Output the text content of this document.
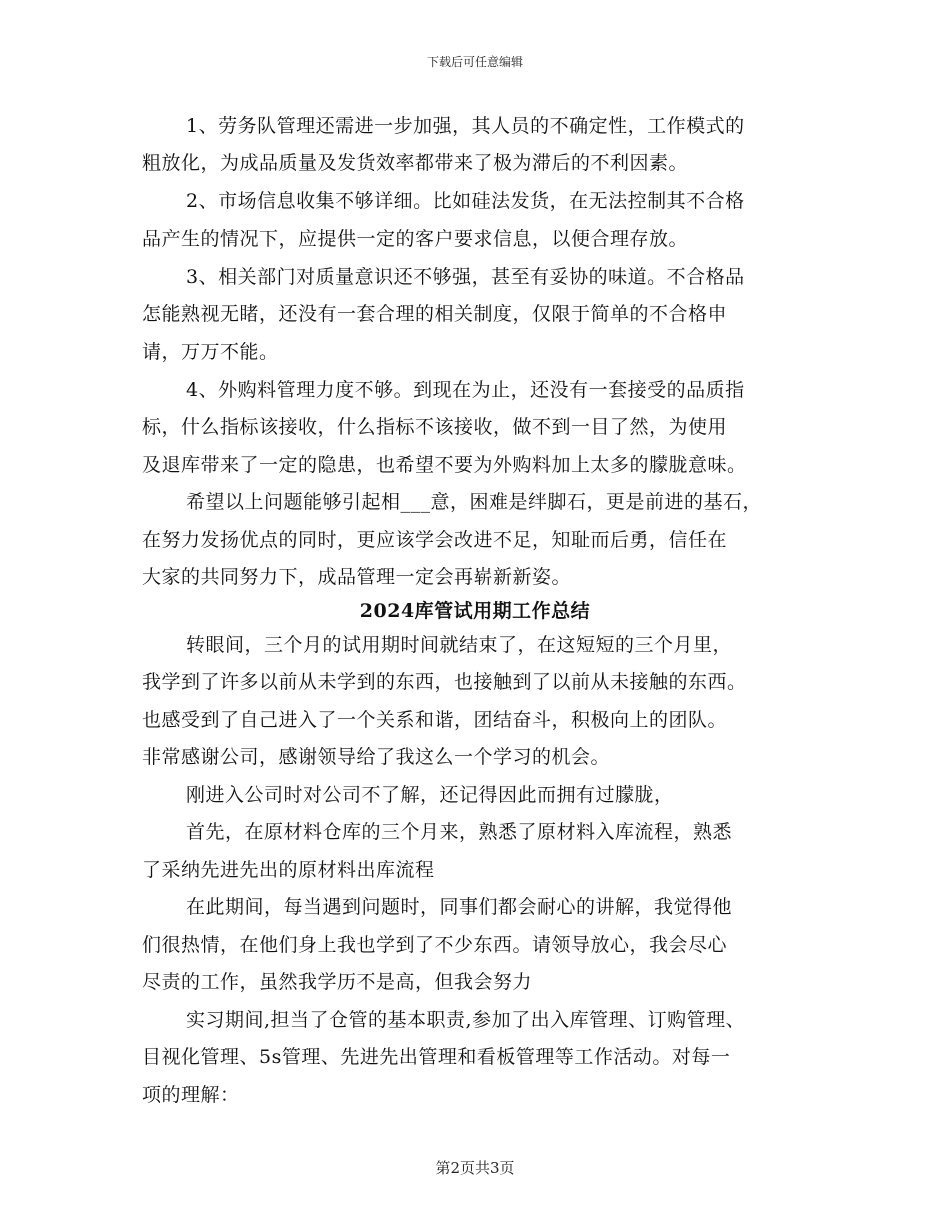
下载后可任意编辑
1、劳务队管理还需进一步加强，其人员的不确定性，工作模式的
粗放化，为成品质量及发货效率都带来了极为滞后的不利因素。
2、市场信息收集不够详细。比如硅法发货，在无法控制其不合格
品产生的情况下，应提供一定的客户要求信息，以便合理存放。
3、相关部门对质量意识还不够强，甚至有妥协的味道。不合格品
怎能熟视无睹，还没有一套合理的相关制度，仅限于简单的不合格申
请，万万不能。
4、外购料管理力度不够。到现在为止，还没有一套接受的品质指
标，什么指标该接收，什么指标不该接收，做不到一目了然，为使用
及退库带来了一定的隐患，也希望不要为外购料加上太多的朦胧意味。
希望以上问题能够引起相___意，困难是绊脚石，更是前进的基石，
在努力发扬优点的同时，更应该学会改进不足，知耻而后勇，信任在
大家的共同努力下，成品管理一定会再崭新新姿。
2024库管试用期工作总结
转眼间，三个月的试用期时间就结束了，在这短短的三个月里，
我学到了许多以前从未学到的东西，也接触到了以前从未接触的东西。
也感受到了自己进入了一个关系和谐，团结奋斗，积极向上的团队。
非常感谢公司，感谢领导给了我这么一个学习的机会。
刚进入公司时对公司不了解，还记得因此而拥有过朦胧，
首先，在原材料仓库的三个月来，熟悉了原材料入库流程，熟悉
了采纳先进先出的原材料出库流程
在此期间，每当遇到问题时，同事们都会耐心的讲解，我觉得他
们很热情，在他们身上我也学到了不少东西。请领导放心，我会尽心
尽责的工作，虽然我学历不是高，但我会努力
实习期间,担当了仓管的基本职责,参加了出入库管理、订购管理、
目视化管理、5s管理、先进先出管理和看板管理等工作活动。对每一
项的理解：
第2页共3页
